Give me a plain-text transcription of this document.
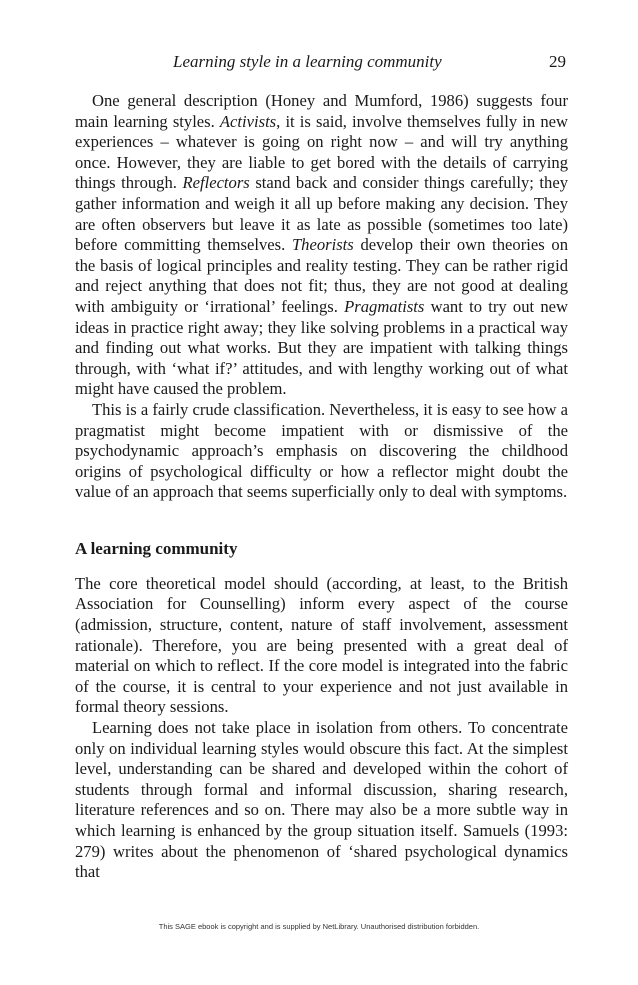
Learning style in a learning community	29

One general description (Honey and Mumford, 1986) suggests four main learning styles. Activists, it is said, involve themselves fully in new experiences – whatever is going on right now – and will try anything once. However, they are liable to get bored with the details of carrying things through. Reflectors stand back and consider things carefully; they gather information and weigh it all up before making any decision. They are often observers but leave it as late as possible (sometimes too late) before committing themselves. Theorists develop their own theories on the basis of logical principles and reality testing. They can be rather rigid and reject anything that does not fit; thus, they are not good at dealing with ambiguity or ‘irrational’ feelings. Pragmatists want to try out new ideas in practice right away; they like solving problems in a practical way and finding out what works. But they are impatient with talking things through, with ‘what if?’ attitudes, and with lengthy working out of what might have caused the problem.

This is a fairly crude classification. Nevertheless, it is easy to see how a pragmatist might become impatient with or dismissive of the psychodynamic approach’s emphasis on discovering the childhood origins of psychological difficulty or how a reflector might doubt the value of an approach that seems superficially only to deal with symptoms.

A learning community

The core theoretical model should (according, at least, to the British Association for Counselling) inform every aspect of the course (admission, structure, content, nature of staff involvement, assessment rationale). Therefore, you are being presented with a great deal of material on which to reflect. If the core model is integrated into the fabric of the course, it is central to your experience and not just available in formal theory sessions.

Learning does not take place in isolation from others. To concentrate only on individual learning styles would obscure this fact. At the simplest level, understanding can be shared and developed within the cohort of students through formal and informal discussion, sharing research, literature references and so on. There may also be a more subtle way in which learning is enhanced by the group situation itself. Samuels (1993: 279) writes about the phenomenon of ‘shared psychological dynamics that

This SAGE ebook is copyright and is supplied by NetLibrary. Unauthorised distribution forbidden.
